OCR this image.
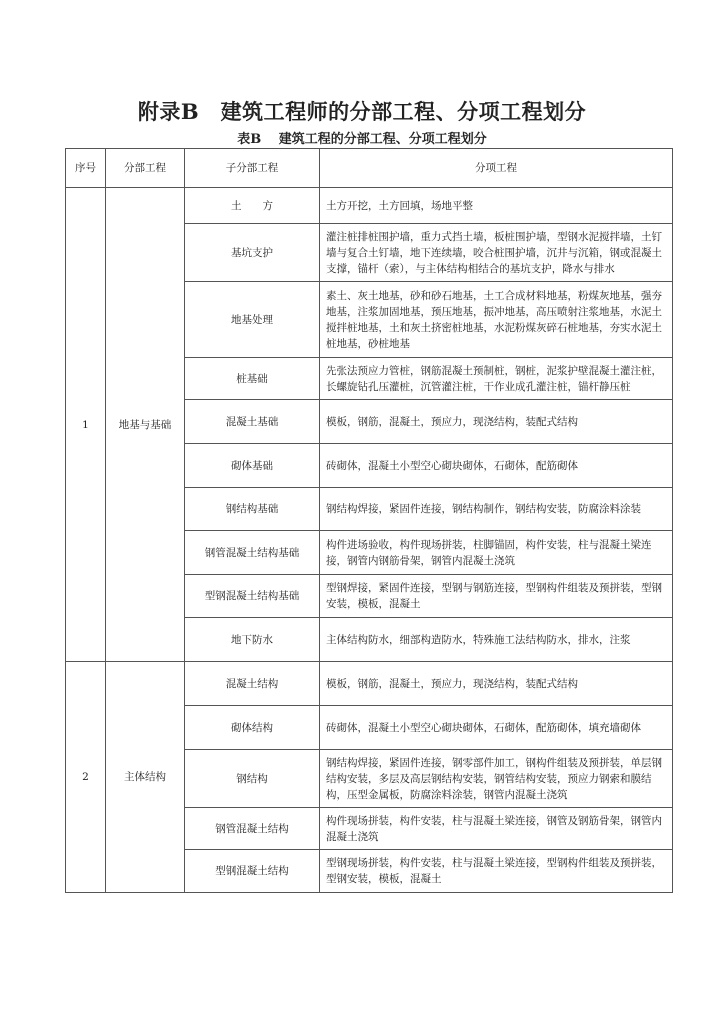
附录B　建筑工程师的分部工程、分项工程划分
表B　 建筑工程的分部工程、分项工程划分
序号	分部工程	子分部工程	分项工程
1	地基与基础	土　　方	土方开挖，土方回填，场地平整
		基坑支护	灌注桩排桩围护墙，重力式挡土墙，板桩围护墙，型钢水泥搅拌墙，土钉墙与复合土钉墙，地下连续墙，咬合桩围护墙，沉井与沉箱，钢或混凝土支撑，锚杆（索），与主体结构相结合的基坑支护，降水与排水
		地基处理	素土、灰土地基，砂和砂石地基，土工合成材料地基，粉煤灰地基，强夯地基，注浆加固地基，预压地基，振冲地基，高压喷射注浆地基，水泥土搅拌桩地基，土和灰土挤密桩地基，水泥粉煤灰碎石桩地基，夯实水泥土桩地基，砂桩地基
		桩基础	先张法预应力管桩，钢筋混凝土预制桩，钢桩，泥浆护壁混凝土灌注桩，长螺旋钻孔压灌桩，沉管灌注桩，干作业成孔灌注桩，锚杆静压桩
		混凝土基础	模板，钢筋，混凝土，预应力，现浇结构，装配式结构
		砌体基础	砖砌体，混凝土小型空心砌块砌体，石砌体，配筋砌体
		钢结构基础	钢结构焊接，紧固件连接，钢结构制作，钢结构安装，防腐涂料涂装
		钢管混凝土结构基础	构件进场验收，构件现场拼装，柱脚锚固，构件安装，柱与混凝土梁连接，钢管内钢筋骨架，钢管内混凝土浇筑
		型钢混凝土结构基础	型钢焊接，紧固件连接，型钢与钢筋连接，型钢构件组装及预拼装，型钢安装，模板，混凝土
		地下防水	主体结构防水，细部构造防水，特殊施工法结构防水，排水，注浆
2	主体结构	混凝土结构	模板，钢筋，混凝土，预应力，现浇结构，装配式结构
		砌体结构	砖砌体，混凝土小型空心砌块砌体，石砌体，配筋砌体，填充墙砌体
		钢结构	钢结构焊接，紧固件连接，钢零部件加工，钢构件组装及预拼装，单层钢结构安装，多层及高层钢结构安装，钢管结构安装，预应力钢索和膜结构，压型金属板，防腐涂料涂装，钢管内混凝土浇筑
		钢管混凝土结构	构件现场拼装，构件安装，柱与混凝土梁连接，钢管及钢筋骨架，钢管内混凝土浇筑
		型钢混凝土结构	型钢现场拼装，构件安装，柱与混凝土梁连接，型钢构件组装及预拼装，型钢安装，模板，混凝土
